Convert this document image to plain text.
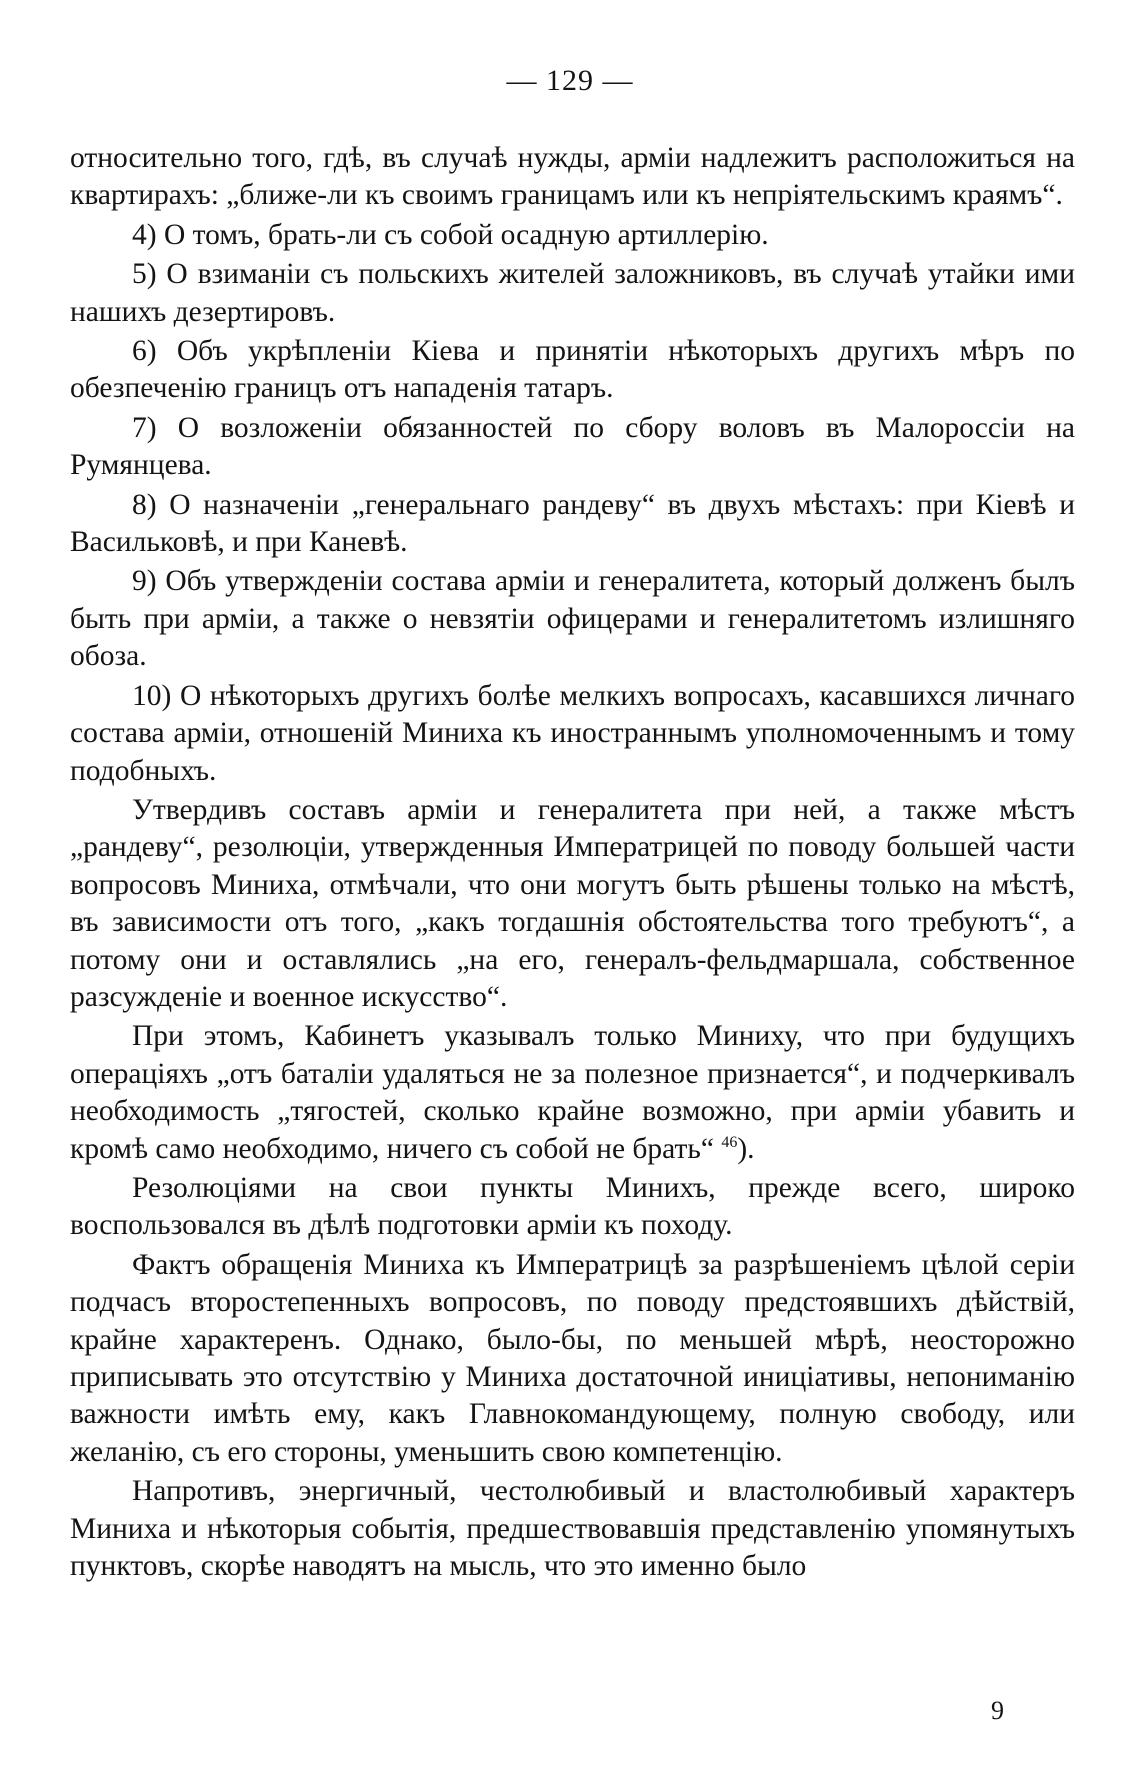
— 129 —

относительно того, гдѣ, въ случаѣ нужды, арміи надлежитъ расположиться на квартирахъ: „ближе-ли къ своимъ границамъ или къ непріятельскимъ краямъ“.

4) О томъ, брать-ли съ собой осадную артиллерію.

5) О взиманіи съ польскихъ жителей заложниковъ, въ случаѣ утайки ими нашихъ дезертировъ.

6) Объ укрѣпленіи Кіева и принятіи нѣкоторыхъ другихъ мѣръ по обезпеченію границъ отъ нападенія татаръ.

7) О возложеніи обязанностей по сбору воловъ въ Малороссіи на Румянцева.

8) О назначеніи „генеральнаго рандеву“ въ двухъ мѣстахъ: при Кіевѣ и Васильковѣ, и при Каневѣ.

9) Объ утвержденіи состава арміи и генералитета, который долженъ былъ быть при арміи, а также о невзятіи офицерами и генералитетомъ излишняго обоза.

10) О нѣкоторыхъ другихъ болѣе мелкихъ вопросахъ, касавшихся личнаго состава арміи, отношеній Миниха къ иностраннымъ уполномоченнымъ и тому подобныхъ.

Утвердивъ составъ арміи и генералитета при ней, а также мѣстъ „рандеву“, резолюціи, утвержденныя Императрицей по поводу большей части вопросовъ Миниха, отмѣчали, что они могутъ быть рѣшены только на мѣстѣ, въ зависимости отъ того, „какъ тогдашнія обстоятельства того требуютъ“, а потому они и оставлялись „на его, генералъ-фельдмаршала, собственное разсужденіе и военное искусство“.

При этомъ, Кабинетъ указывалъ только Миниху, что при будущихъ операціяхъ „отъ баталіи удаляться не за полезное признается“, и подчеркивалъ необходимость „тягостей, сколько крайне возможно, при арміи убавить и кромѣ само необходимо, ничего съ собой не брать“ $^{46}$).

Резолюціями на свои пункты Минихъ, прежде всего, широко воспользовался въ дѣлѣ подготовки арміи къ походу.

Фактъ обращенія Миниха къ Императрицѣ за разрѣшеніемъ цѣлой серіи подчасъ второстепенныхъ вопросовъ, по поводу предстоявшихъ дѣйствій, крайне характеренъ. Однако, было-бы, по меньшей мѣрѣ, неосторожно приписывать это отсутствію у Миниха достаточной иниціативы, непониманію важности имѣть ему, какъ Главнокомандующему, полную свободу, или желанію, съ его стороны, уменьшить свою компетенцію.

Напротивъ, энергичный, честолюбивый и властолюбивый характеръ Миниха и нѣкоторыя событія, предшествовавшія представленію упомянутыхъ пунктовъ, скорѣе наводятъ на мысль, что это именно было

9
